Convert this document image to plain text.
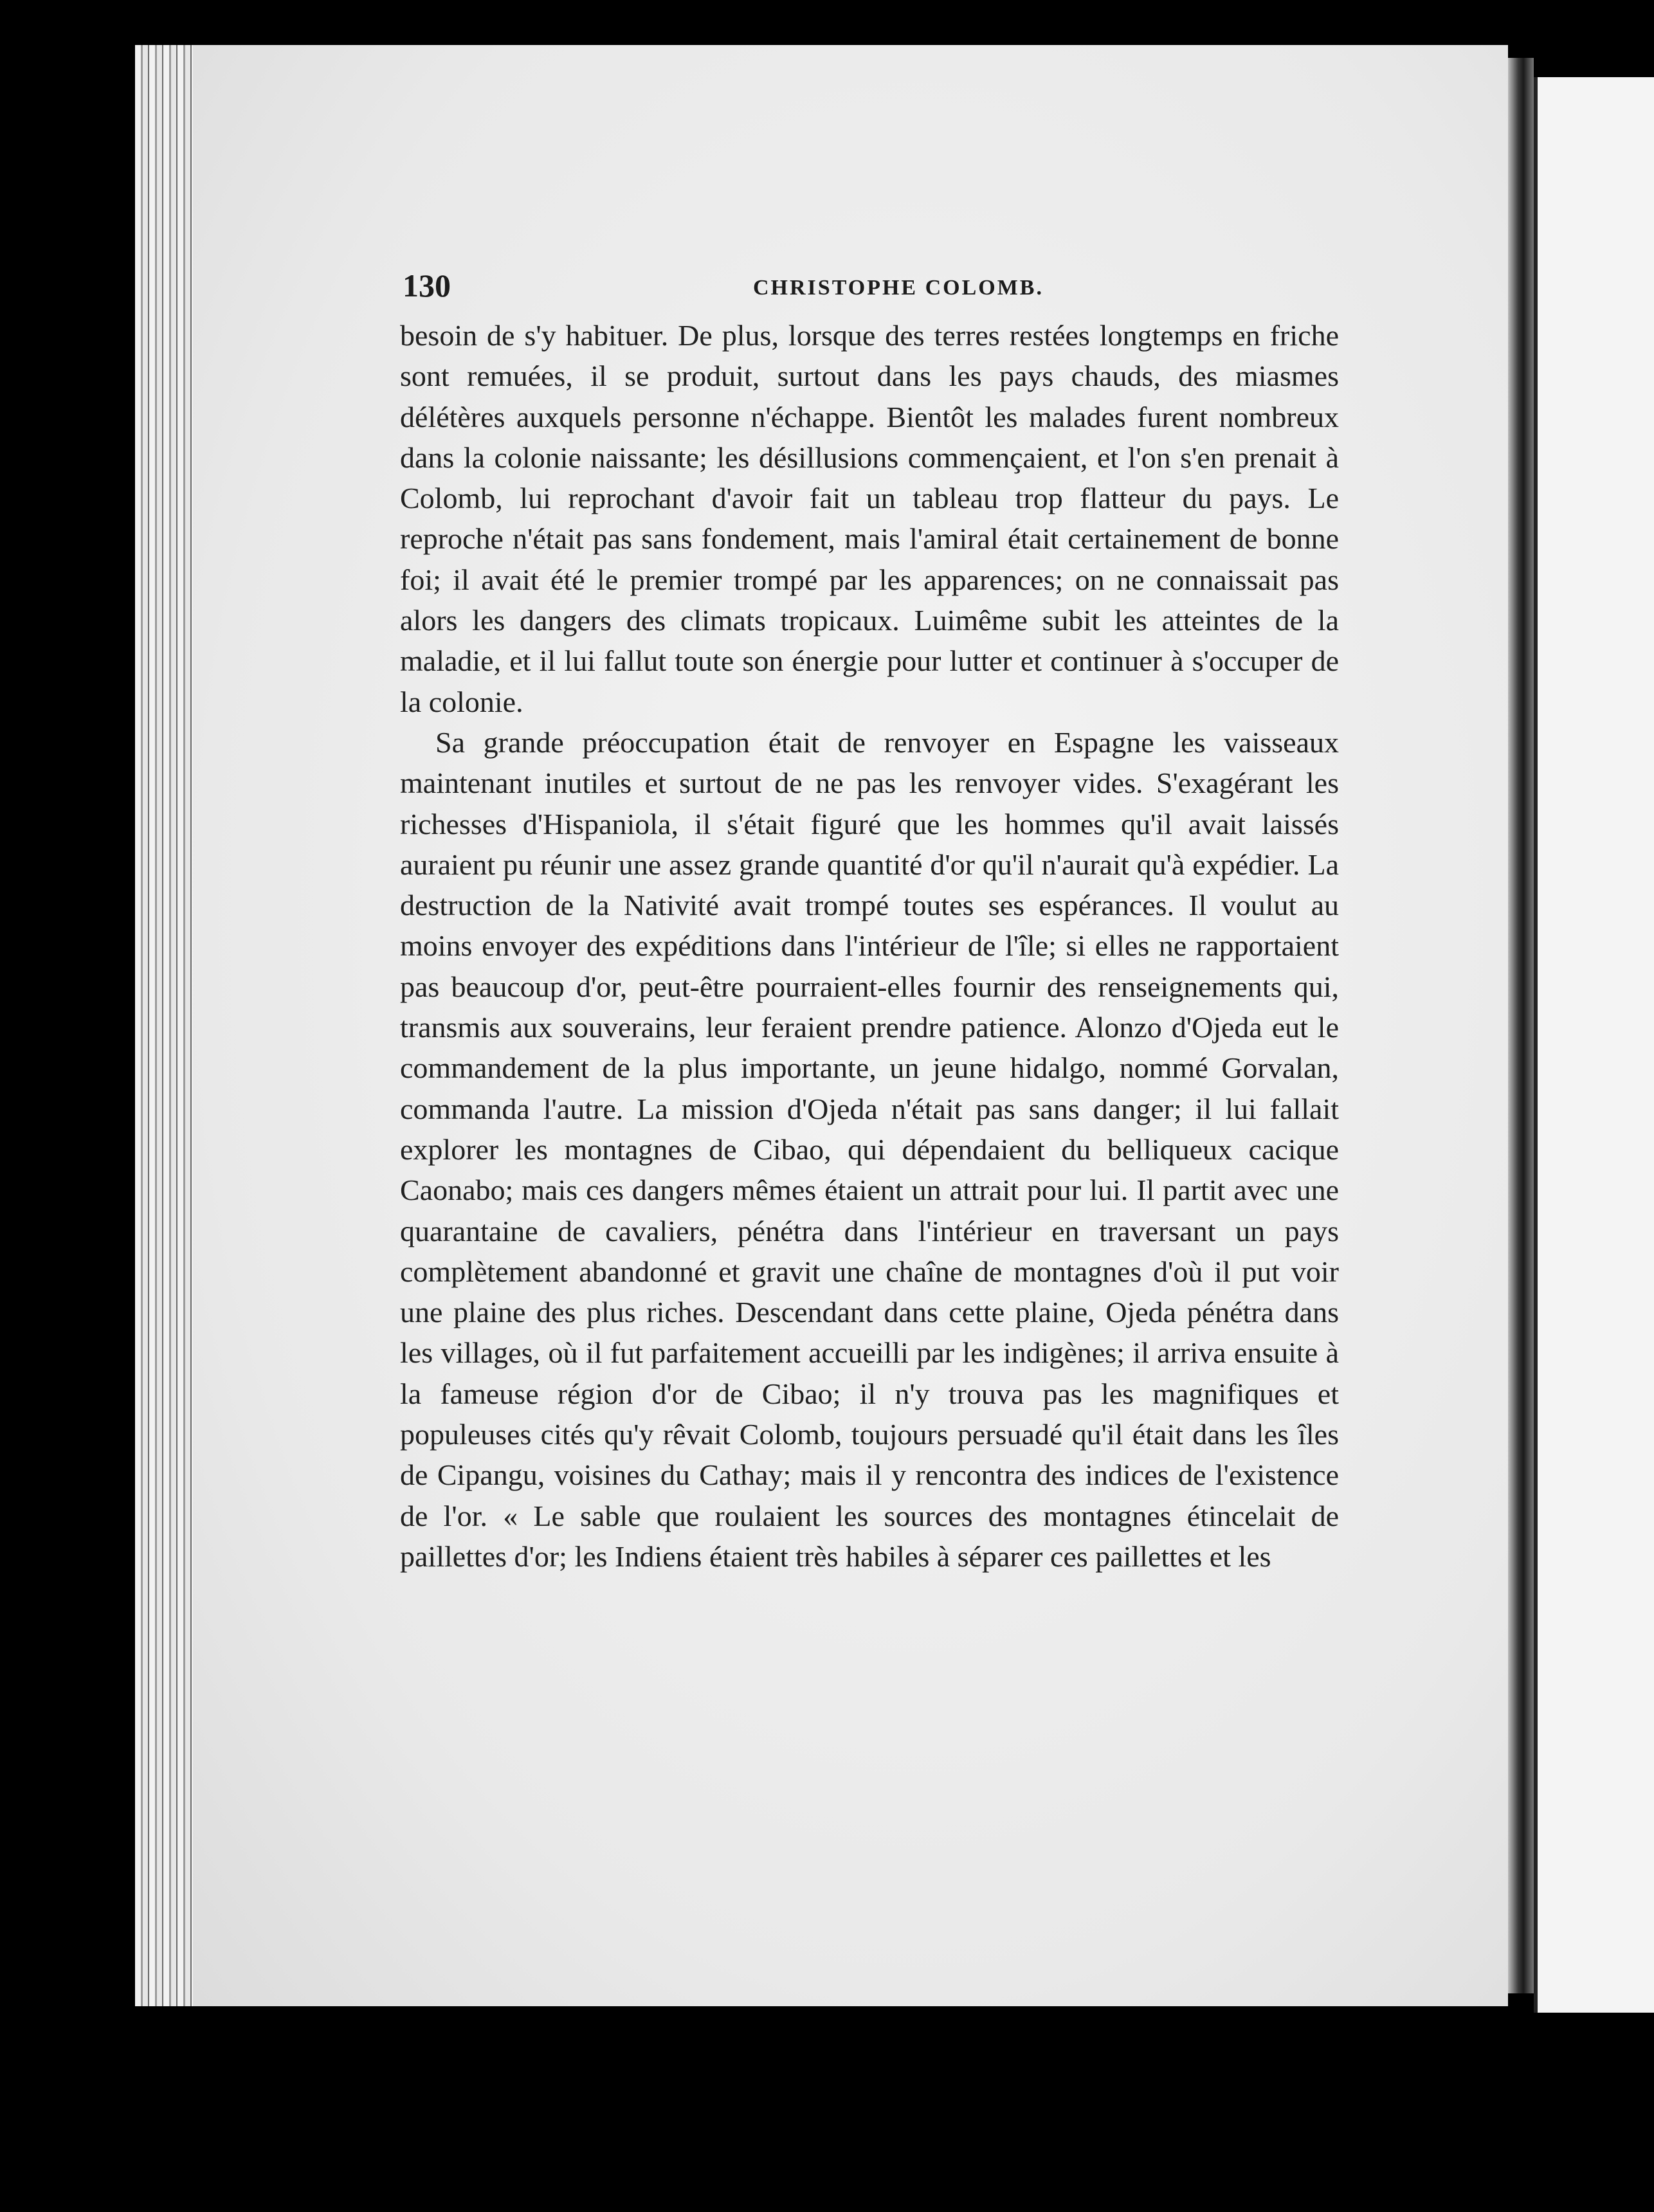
130	CHRISTOPHE COLOMB.

besoin de s'y habituer. De plus, lorsque des terres restées longtemps en friche sont remuées, il se produit, surtout dans les pays chauds, des miasmes délétères auxquels personne n'échappe. Bientôt les malades furent nombreux dans la colonie naissante; les désillusions commençaient, et l'on s'en prenait à Colomb, lui reprochant d'avoir fait un tableau trop flatteur du pays. Le reproche n'était pas sans fondement, mais l'amiral était certainement de bonne foi; il avait été le premier trompé par les apparences; on ne connaissait pas alors les dangers des climats tropicaux. Luimême subit les atteintes de la maladie, et il lui fallut toute son énergie pour lutter et continuer à s'occuper de la colonie.

Sa grande préoccupation était de renvoyer en Espagne les vaisseaux maintenant inutiles et surtout de ne pas les renvoyer vides. S'exagérant les richesses d'Hispaniola, il s'était figuré que les hommes qu'il avait laissés auraient pu réunir une assez grande quantité d'or qu'il n'aurait qu'à expédier. La destruction de la Nativité avait trompé toutes ses espérances. Il voulut au moins envoyer des expéditions dans l'intérieur de l'île; si elles ne rapportaient pas beaucoup d'or, peut-être pourraient-elles fournir des renseignements qui, transmis aux souverains, leur feraient prendre patience. Alonzo d'Ojeda eut le commandement de la plus importante, un jeune hidalgo, nommé Gorvalan, commanda l'autre. La mission d'Ojeda n'était pas sans danger; il lui fallait explorer les montagnes de Cibao, qui dépendaient du belliqueux cacique Caonabo; mais ces dangers mêmes étaient un attrait pour lui. Il partit avec une quarantaine de cavaliers, pénétra dans l'intérieur en traversant un pays complètement abandonné et gravit une chaîne de montagnes d'où il put voir une plaine des plus riches. Descendant dans cette plaine, Ojeda pénétra dans les villages, où il fut parfaitement accueilli par les indigènes; il arriva ensuite à la fameuse région d'or de Cibao; il n'y trouva pas les magnifiques et populeuses cités qu'y rêvait Colomb, toujours persuadé qu'il était dans les îles de Cipangu, voisines du Cathay; mais il y rencontra des indices de l'existence de l'or. « Le sable que roulaient les sources des montagnes étincelait de paillettes d'or; les Indiens étaient très habiles à séparer ces paillettes et les
